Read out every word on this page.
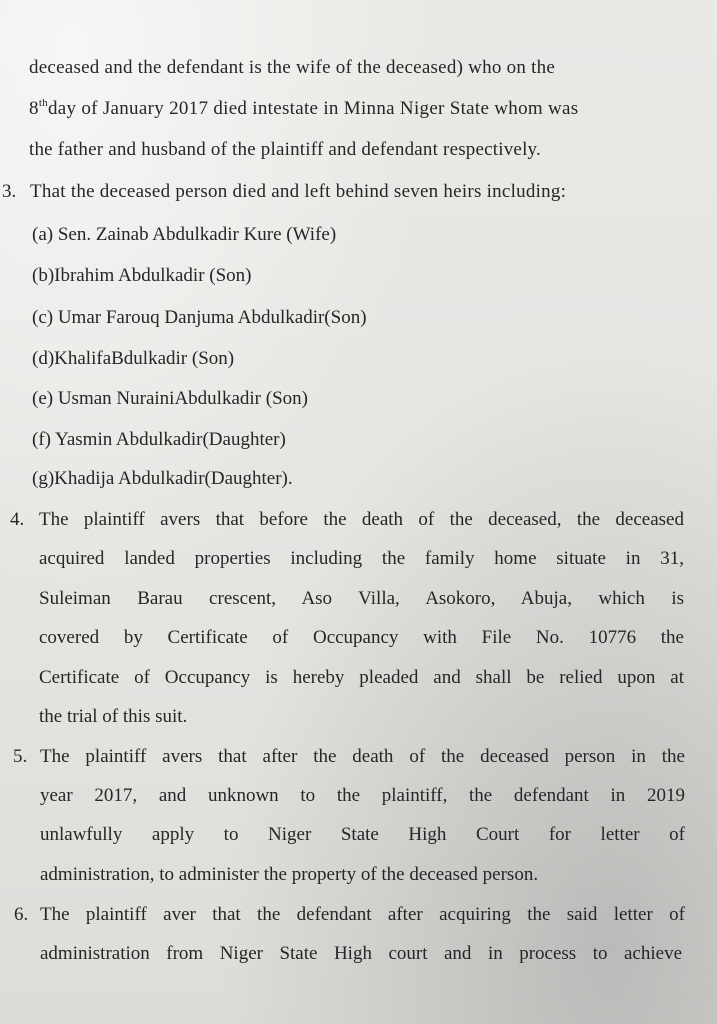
deceased and the defendant is the wife of the deceased) who on the
8thday of January 2017 died intestate in Minna Niger State whom was
the father and husband of the plaintiff and defendant respectively.
3. That the deceased person died and left behind seven heirs including:
(a) Sen. Zainab Abdulkadir Kure (Wife)
(b)Ibrahim Abdulkadir (Son)
(c) Umar Farouq Danjuma Abdulkadir(Son)
(d)KhalifaBdulkadir (Son)
(e) Usman NurainiAbdulkadir (Son)
(f) Yasmin Abdulkadir(Daughter)
(g)Khadija Abdulkadir(Daughter).
4. The plaintiff avers that before the death of the deceased, the deceased
acquired landed properties including the family home situate in 31,
Suleiman Barau crescent, Aso Villa, Asokoro, Abuja, which is
covered by Certificate of Occupancy with File No. 10776 the
Certificate of Occupancy is hereby pleaded and shall be relied upon at
the trial of this suit.
5. The plaintiff avers that after the death of the deceased person in the
year 2017, and unknown to the plaintiff, the defendant in 2019
unlawfully apply to Niger State High Court for letter of
administration, to administer the property of the deceased person.
6. The plaintiff aver that the defendant after acquiring the said letter of
administration from Niger State High court and in process to achieve
